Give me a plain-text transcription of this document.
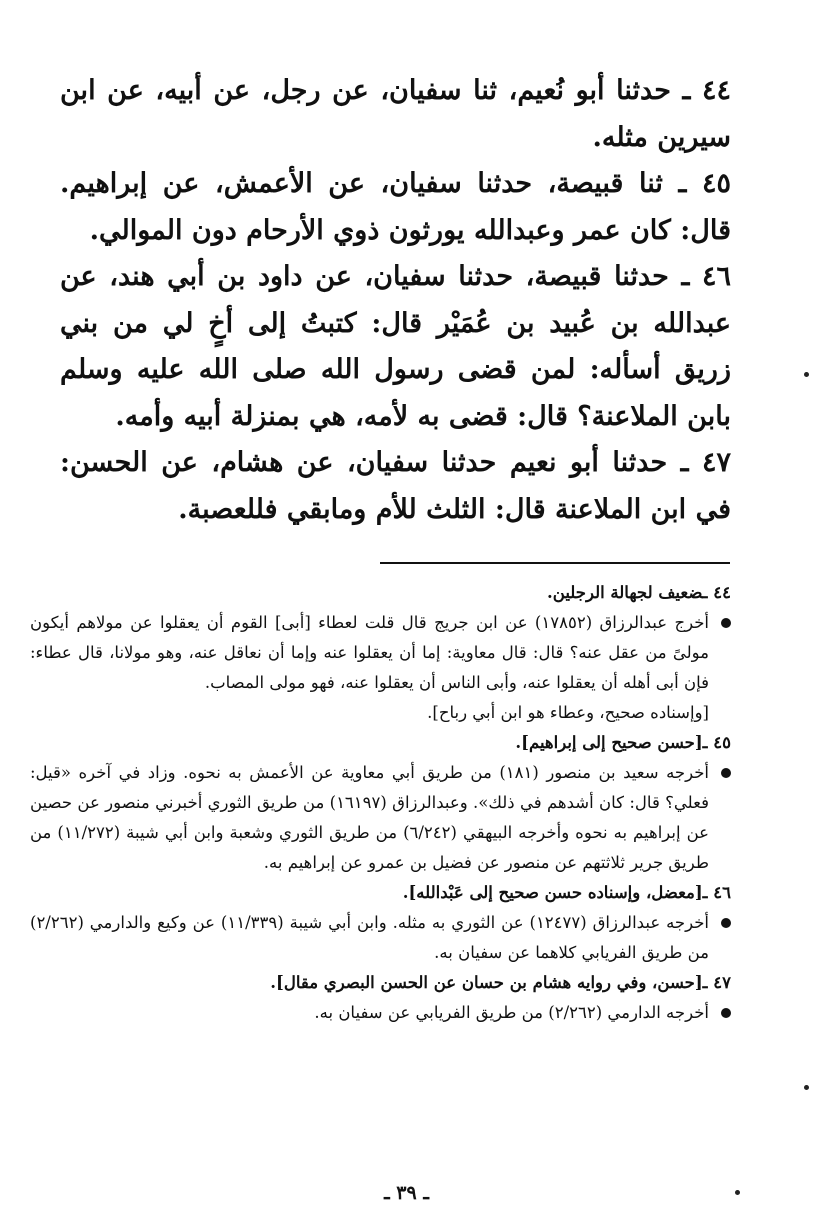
٤٤ ـ حدثنا أبو نُعيم، ثنا سفيان، عن رجل، عن أبيه، عن ابن سيرين مثله.

٤٥ ـ ثنا قبيصة، حدثنا سفيان، عن الأعمش، عن إبراهيم. قال: كان عمر وعبدالله يورثون ذوي الأرحام دون الموالي.

٤٦ ـ حدثنا قبيصة، حدثنا سفيان، عن داود بن أبي هند، عن عبدالله بن عُبيد بن عُمَيْر قال: كتبتُ إلى أخٍ لي من بني زريق أسأله: لمن قضى رسول الله صلى الله عليه وسلم بابن الملاعنة؟ قال: قضى به لأمه، هي بمنزلة أبيه وأمه.

٤٧ ـ حدثنا أبو نعيم حدثنا سفيان، عن هشام، عن الحسن: في ابن الملاعنة قال: الثلث للأم ومابقي فللعصبة.

٤٤ ـضعيف لجهالة الرجلين.

أخرج عبدالرزاق (١٧٨٥٢) عن ابن جريج قال قلت لعطاء [أبى] القوم أن يعقلوا عن مولاهم أيكون مولىً من عقل عنه؟ قال: قال معاوية: إما أن يعقلوا عنه وإما أن نعاقل عنه، وهو مولانا، قال عطاء: فإن أبى أهله أن يعقلوا عنه، وأبى الناس أن يعقلوا عنه، فهو مولى المصاب.

[وإسناده صحيح، وعطاء هو ابن أبي رباح].

٤٥ ـ[حسن صحيح إلى إبراهيم].

أخرجه سعيد بن منصور (١٨١) من طريق أبي معاوية عن الأعمش به نحوه. وزاد في آخره «قيل: فعلي؟ قال: كان أشدهم في ذلك». وعبدالرزاق (١٦١٩٧) من طريق الثوري أخبرني منصور عن حصين عن إبراهيم به نحوه وأخرجه البيهقي (٦/٢٤٢) من طريق الثوري وشعبة وابن أبي شيبة (١١/٢٧٢) من طريق جرير ثلاثتهم عن منصور عن فضيل بن عمرو عن إبراهيم به.

٤٦ ـ[معضل، وإسناده حسن صحيح إلى عَبْدالله].

أخرجه عبدالرزاق (١٢٤٧٧) عن الثوري به مثله. وابن أبي شيبة (١١/٣٣٩) عن وكيع والدارمي (٢/٢٦٢) من طريق الفريابي كلاهما عن سفيان به.

٤٧ ـ[حسن، وفي روايه هشام بن حسان عن الحسن البصري مقال].

أخرجه الدارمي (٢/٢٦٢) من طريق الفريابي عن سفيان به.

ـ ٣٩ ـ
